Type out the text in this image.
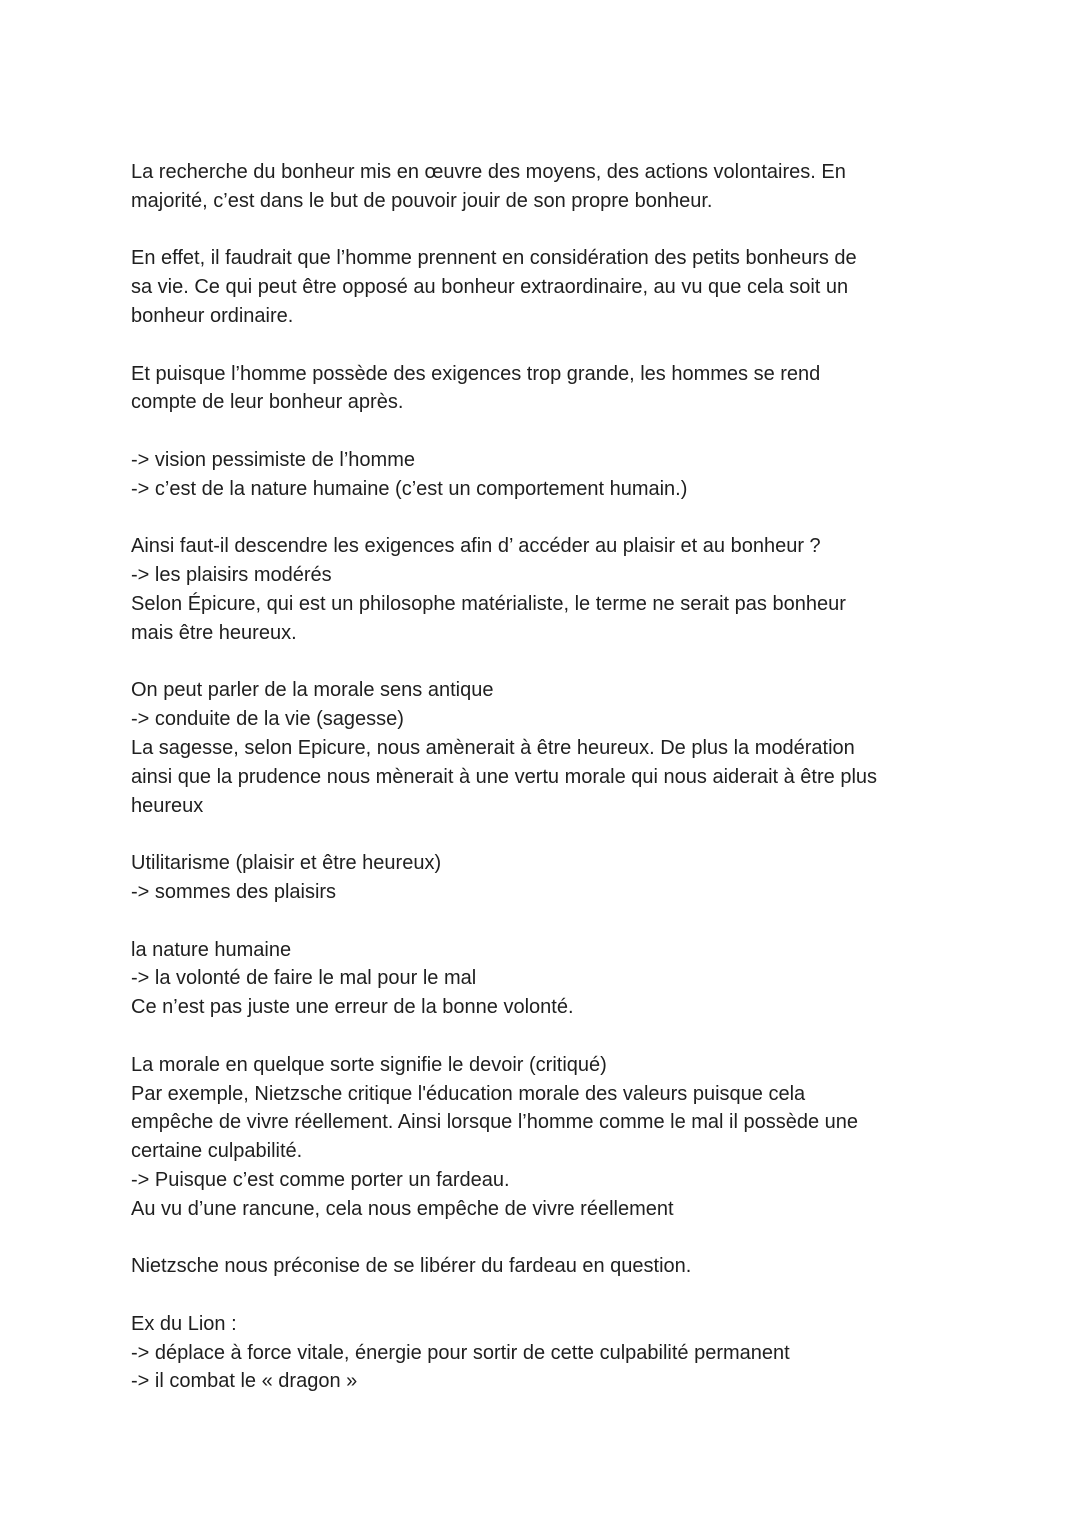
La recherche du bonheur mis en œuvre des moyens, des actions volontaires. En
majorité, c’est dans le but de pouvoir jouir de son propre bonheur.
En effet, il faudrait que l’homme prennent en considération des petits bonheurs de
sa vie. Ce qui peut être opposé au bonheur extraordinaire, au vu que cela soit un
bonheur ordinaire.
Et puisque l’homme possède des exigences trop grande, les hommes se rend
compte de leur bonheur après.
-> vision pessimiste de l’homme
-> c’est de la nature humaine (c’est un comportement humain.)
Ainsi faut-il descendre les exigences afin d’ accéder au plaisir et au bonheur ?
-> les plaisirs modérés
Selon Épicure, qui est un philosophe matérialiste, le terme ne serait pas bonheur
mais être heureux.
On peut parler de la morale sens antique
-> conduite de la vie (sagesse)
La sagesse, selon Epicure, nous amènerait à être heureux. De plus la modération
ainsi que la prudence nous mènerait à une vertu morale qui nous aiderait à être plus
heureux
Utilitarisme (plaisir et être heureux)
-> sommes des plaisirs
la nature humaine
-> la volonté de faire le mal pour le mal
Ce n’est pas juste une erreur de la bonne volonté.
La morale en quelque sorte signifie le devoir (critiqué)
Par exemple, Nietzsche critique l'éducation morale des valeurs puisque cela
empêche de vivre réellement. Ainsi lorsque l’homme comme le mal il possède une
certaine culpabilité.
-> Puisque c’est comme porter un fardeau.
Au vu d’une rancune, cela nous empêche de vivre réellement
Nietzsche nous préconise de se libérer du fardeau en question.
Ex du Lion :
-> déplace à force vitale, énergie pour sortir de cette culpabilité permanent
-> il combat le « dragon »
